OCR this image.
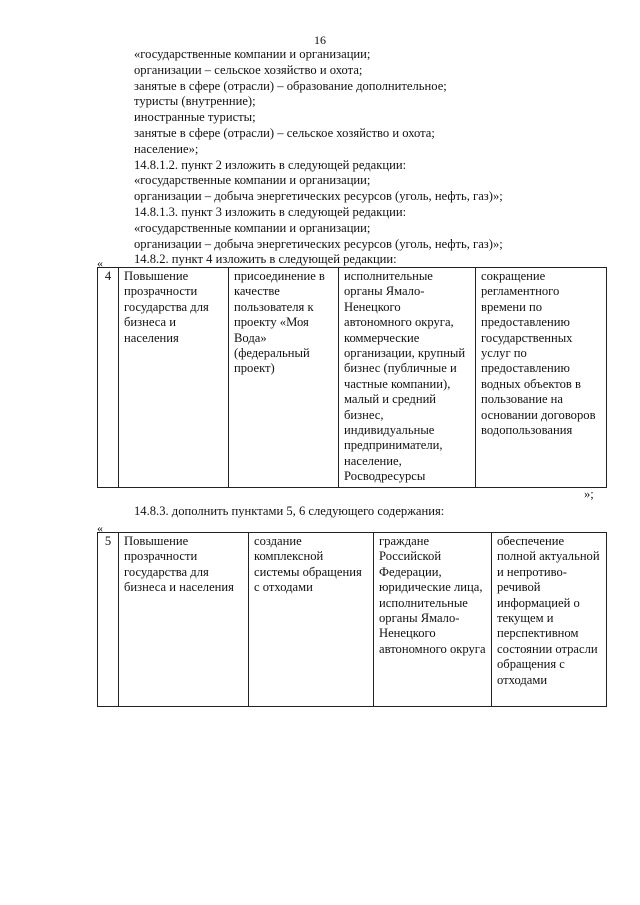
16
«государственные компании и организации;
организации – сельское хозяйство и охота;
занятые в сфере (отрасли) – образование дополнительное;
туристы (внутренние);
иностранные туристы;
занятые в сфере (отрасли) – сельское хозяйство и охота;
население»;
14.8.1.2. пункт 2 изложить в следующей редакции:
«государственные компании и организации;
организации – добыча энергетических ресурсов (уголь, нефть, газ)»;
14.8.1.3. пункт 3 изложить в следующей редакции:
«государственные компании и организации;
организации – добыча энергетических ресурсов (уголь, нефть, газ)»;
14.8.2. пункт 4 изложить в следующей редакции:
«
4	Повышение прозрачности государства для бизнеса и населения	присоединение в качестве пользователя к проекту «Моя Вода» (федеральный проект)	исполнительные органы Ямало-Ненецкого автономного округа, коммерческие организации, крупный бизнес (публичные и частные компании), малый и средний бизнес, индивидуальные предприниматели, население, Росводресурсы	сокращение регламентного времени по предоставлению государственных услуг по предоставлению водных объектов в пользование на основании договоров водопользования
»;
14.8.3. дополнить пунктами 5, 6 следующего содержания:
«
5	Повышение прозрачности государства для бизнеса и населения	создание комплексной системы обращения с отходами	граждане Российской Федерации, юридические лица, исполнительные органы Ямало-Ненецкого автономного округа	обеспечение полной актуальной и непротиво-речивой информацией о текущем и перспективном состоянии отрасли обращения с отходами
